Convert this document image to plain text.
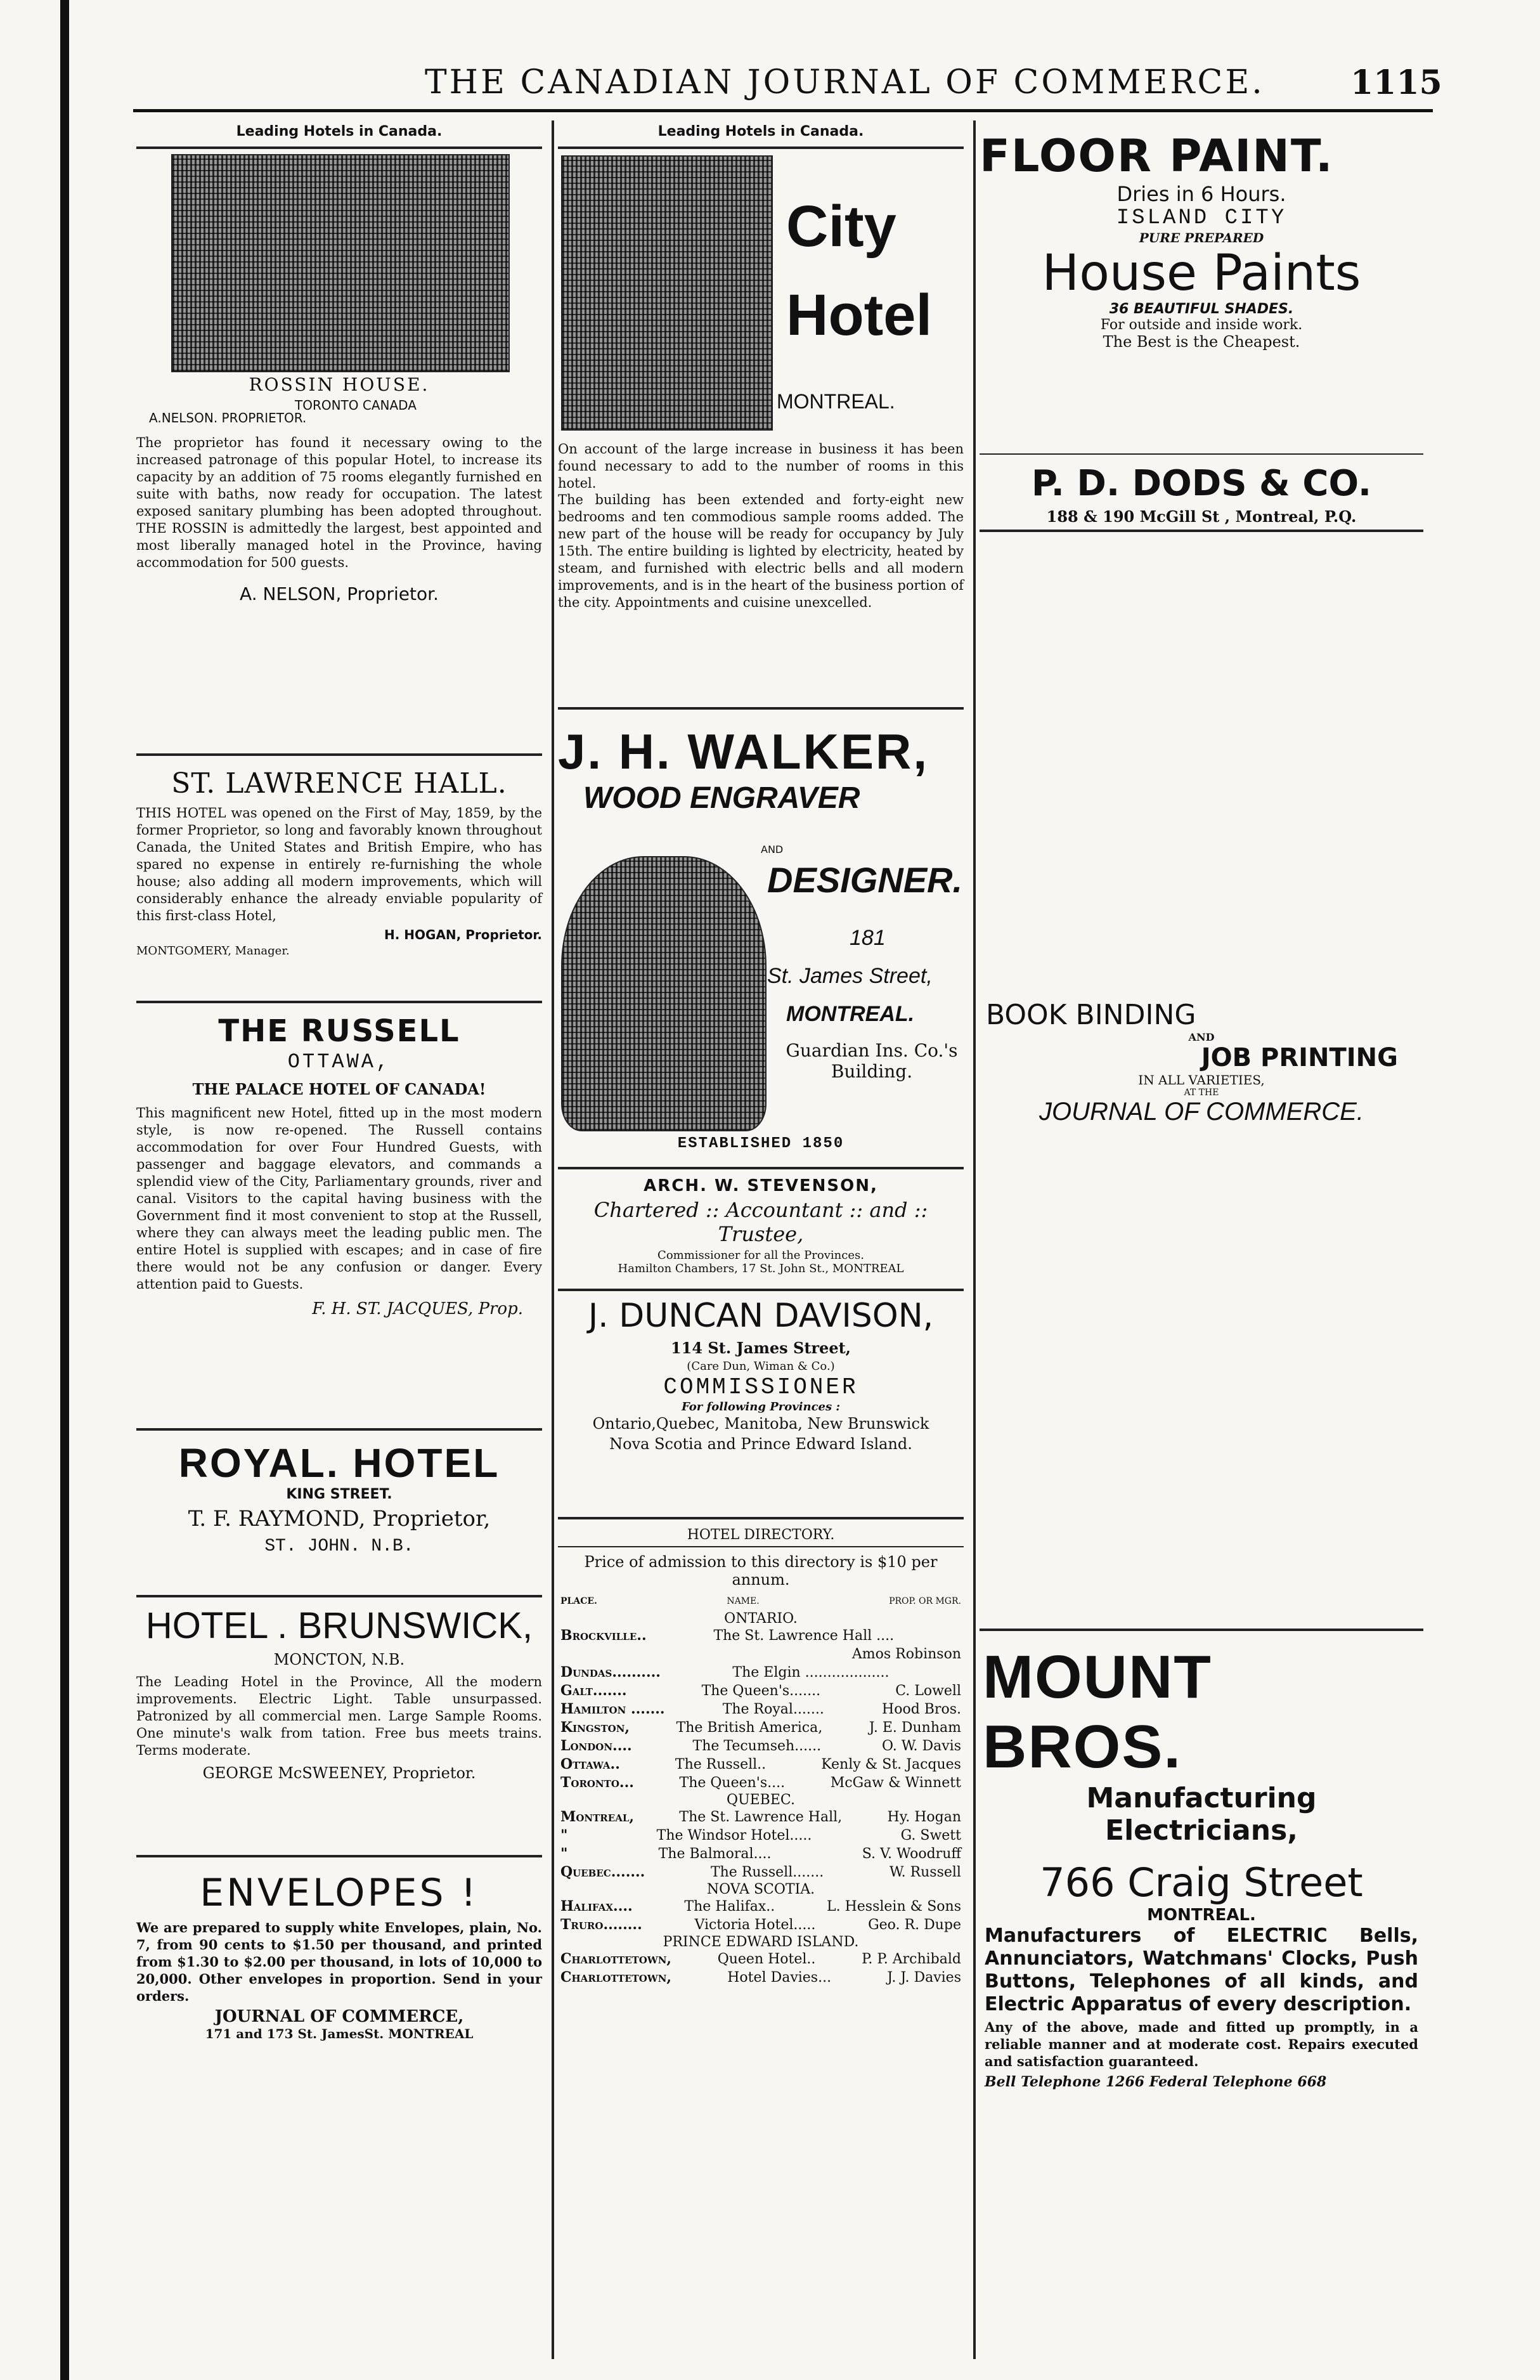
THE CANADIAN JOURNAL OF COMMERCE.	1115
Leading Hotels in Canada.
ROSSIN HOUSE.
TORONTO CANADA
A.NELSON. PROPRIETOR.

The proprietor has found it necessary owing to the increased patronage of this popular Hotel, to increase its capacity by an addition of 75 rooms elegantly furnished en suite with baths, now ready for occupation. The latest exposed sanitary plumbing has been adopted throughout. THE ROSSIN is admittedly the largest, best appointed and most liberally managed hotel in the Province, having accommodation for 500 guests.

A. NELSON, Proprietor.
ST. LAWRENCE HALL.

THIS HOTEL was opened on the First of May, 1859, by the former Proprietor, so long and favorably known throughout Canada, the United States and British Empire, who has spared no expense in entirely re-furnishing the whole house; also adding all modern improvements, which will considerably enhance the already enviable popularity of this first-class Hotel,

H. HOGAN, Proprietor.
MONTGOMERY, Manager.
THE RUSSELL
OTTAWA,
THE PALACE HOTEL OF CANADA!

This magnificent new Hotel, fitted up in the most modern style, is now re-opened. The Russell contains accommodation for over Four Hundred Guests, with passenger and baggage elevators, and commands a splendid view of the City, Parliamentary grounds, river and canal. Visitors to the capital having business with the Government find it most convenient to stop at the Russell, where they can always meet the leading public men. The entire Hotel is supplied with escapes; and in case of fire there would not be any confusion or danger. Every attention paid to Guests.

F. H. ST. JACQUES, Prop.
ROYAL. HOTEL
KING STREET.
T. F. RAYMOND, Proprietor,
ST. JOHN. N.B.
HOTEL . BRUNSWICK,
MONCTON, N.B.

The Leading Hotel in the Province, All the modern improvements. Electric Light. Table unsurpassed. Patronized by all commercial men. Large Sample Rooms. One minute's walk from tation. Free bus meets trains. Terms moderate.

GEORGE McSWEENEY, Proprietor.
ENVELOPES !

We are prepared to supply white Envelopes, plain, No. 7, from 90 cents to $1.50 per thousand, and printed from $1.30 to $2.00 per thousand, in lots of 10,000 to 20,000. Other envelopes in proportion. Send in your orders.

JOURNAL OF COMMERCE,
171 and 173 St. JamesSt. MONTREAL
Leading Hotels in Canada.
City
Hotel
MONTREAL.

On account of the large increase in business it has been found necessary to add to the number of rooms in this hotel.

The building has been extended and forty-eight new bedrooms and ten commodious sample rooms added. The new part of the house will be ready for occupancy by July 15th. The entire building is lighted by electricity, heated by steam, and furnished with electric bells and all modern improvements, and is in the heart of the business portion of the city. Appointments and cuisine unexcelled.

J. H. WALKER,
WOOD ENGRAVER
AND
DESIGNER.
181
St. James Street,
MONTREAL.
Guardian Ins. Co.'s Building.
ESTABLISHED 1850
ARCH. W. STEVENSON,
Chartered :: Accountant :: and :: Trustee,
Commissioner for all the Provinces.
Hamilton Chambers, 17 St. John St., MONTREAL
J. DUNCAN DAVISON,
114 St. James Street,
(Care Dun, Wiman & Co.)
COMMISSIONER
For following Provinces :
Ontario,Quebec, Manitoba, New Brunswick Nova Scotia and Prince Edward Island.
HOTEL DIRECTORY.
Price of admission to this directory is $10 per annum.
PLACE.	NAME.	PROP. OR MGR.
ONTARIO.
Brockville..	The St. Lawrence Hall ....
Amos Robinson
Dundas..........	The Elgin ...................
Galt.......	The Queen's.......	C. Lowell
Hamilton .......	The Royal.......	Hood Bros.
Kingston,	The British America,	J. E. Dunham
London....	The Tecumseh......	O. W. Davis
Ottawa..	The Russell..	Kenly & St. Jacques
Toronto...	The Queen's....	McGaw & Winnett
QUEBEC.
Montreal,	The St. Lawrence Hall,	Hy. Hogan
"	The Windsor Hotel.....	G. Swett
"	The Balmoral....	S. V. Woodruff
Quebec.......	The Russell.......	W. Russell
NOVA SCOTIA.
Halifax....	The Halifax..	L. Hesslein & Sons
Truro........	Victoria Hotel.....	Geo. R. Dupe
PRINCE EDWARD ISLAND.
Charlottetown,	Queen Hotel..	P. P. Archibald
Charlottetown,	Hotel Davies...	J. J. Davies
FLOOR PAINT.
Dries in 6 Hours.
ISLAND CITY
PURE PREPARED
House Paints
36 BEAUTIFUL SHADES.
For outside and inside work.
The Best is the Cheapest.
P. D. DODS & CO.
188 & 190 McGill St , Montreal, P.Q.
BOOK BINDING
AND
JOB PRINTING
IN ALL VARIETIES,
AT THE
JOURNAL OF COMMERCE.
MOUNT BROS.
Manufacturing
Electricians,
766 Craig Street
MONTREAL.

Manufacturers of ELECTRIC Bells, Annunciators, Watchmans' Clocks, Push Buttons, Telephones of all kinds, and Electric Apparatus of every description.

Any of the above, made and fitted up promptly, in a reliable manner and at moderate cost. Repairs executed and satisfaction guaranteed.

Bell Telephone 1266 Federal Telephone 668
